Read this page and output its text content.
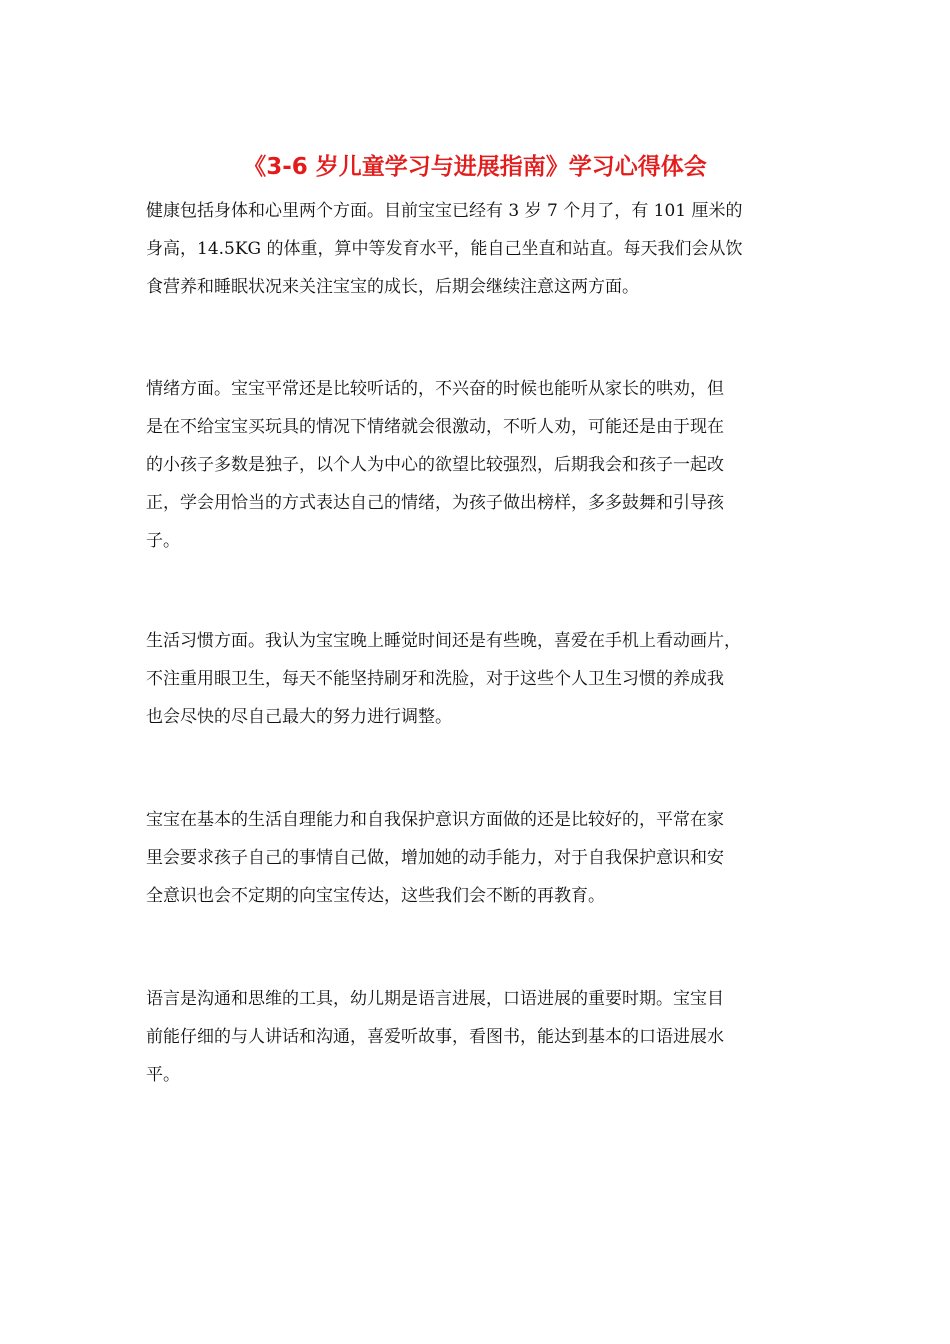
《3-6 岁儿童学习与进展指南》学习心得体会

健康包括身体和心里两个方面。目前宝宝已经有 3 岁 7 个月了，有 101 厘米的
身高，14.5KG 的体重，算中等发育水平，能自己坐直和站直。每天我们会从饮
食营养和睡眠状况来关注宝宝的成长，后期会继续注意这两方面。

情绪方面。宝宝平常还是比较听话的，不兴奋的时候也能听从家长的哄劝，但
是在不给宝宝买玩具的情况下情绪就会很激动，不听人劝，可能还是由于现在
的小孩子多数是独子，以个人为中心的欲望比较强烈，后期我会和孩子一起改
正，学会用恰当的方式表达自己的情绪，为孩子做出榜样，多多鼓舞和引导孩
子。

生活习惯方面。我认为宝宝晚上睡觉时间还是有些晚，喜爱在手机上看动画片，
不注重用眼卫生，每天不能坚持刷牙和洗脸，对于这些个人卫生习惯的养成我
也会尽快的尽自己最大的努力进行调整。

宝宝在基本的生活自理能力和自我保护意识方面做的还是比较好的，平常在家
里会要求孩子自己的事情自己做，增加她的动手能力，对于自我保护意识和安
全意识也会不定期的向宝宝传达，这些我们会不断的再教育。

语言是沟通和思维的工具，幼儿期是语言进展，口语进展的重要时期。宝宝目
前能仔细的与人讲话和沟通，喜爱听故事，看图书，能达到基本的口语进展水
平。
